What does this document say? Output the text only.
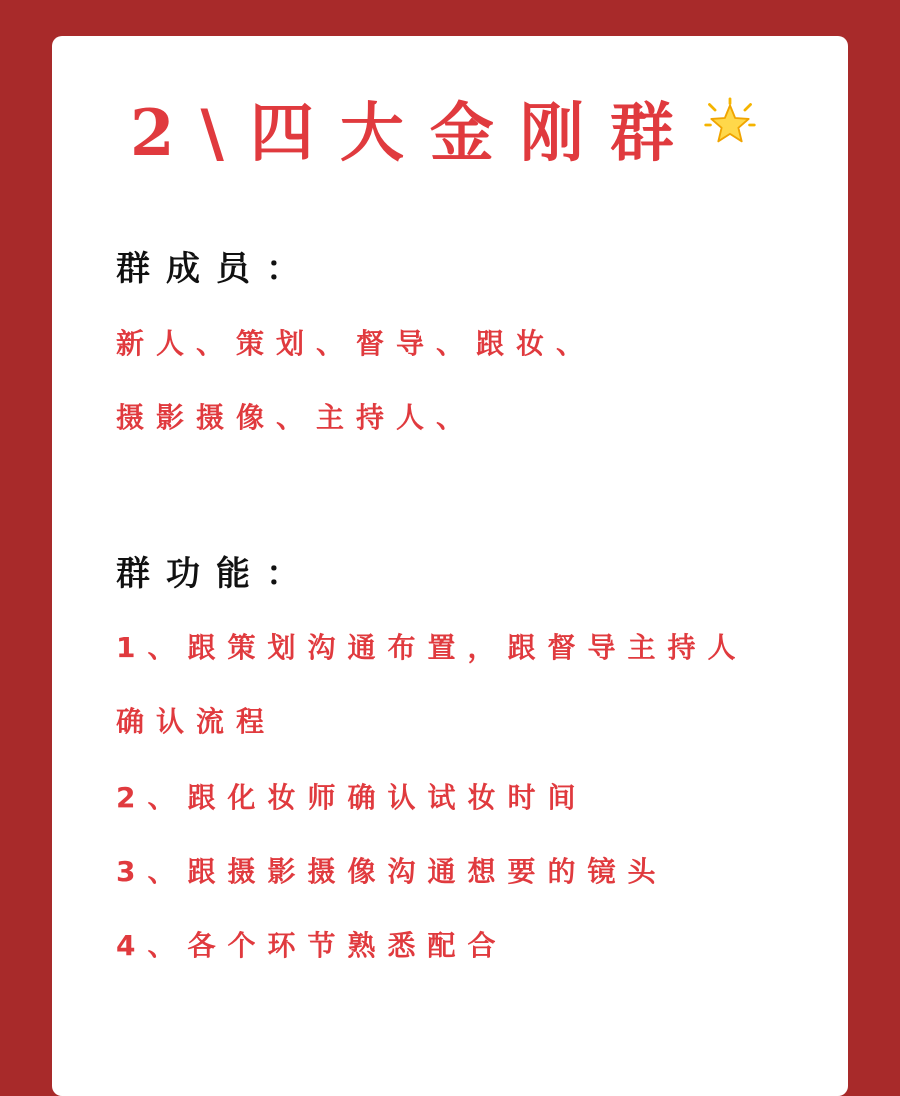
2\四大金刚群
群成员：
新人、策划、督导、跟妆、
摄影摄像、主持人、
群功能：
1、跟策划沟通布置，跟督导主持人
确认流程
2、跟化妆师确认试妆时间
3、跟摄影摄像沟通想要的镜头
4、各个环节熟悉配合
